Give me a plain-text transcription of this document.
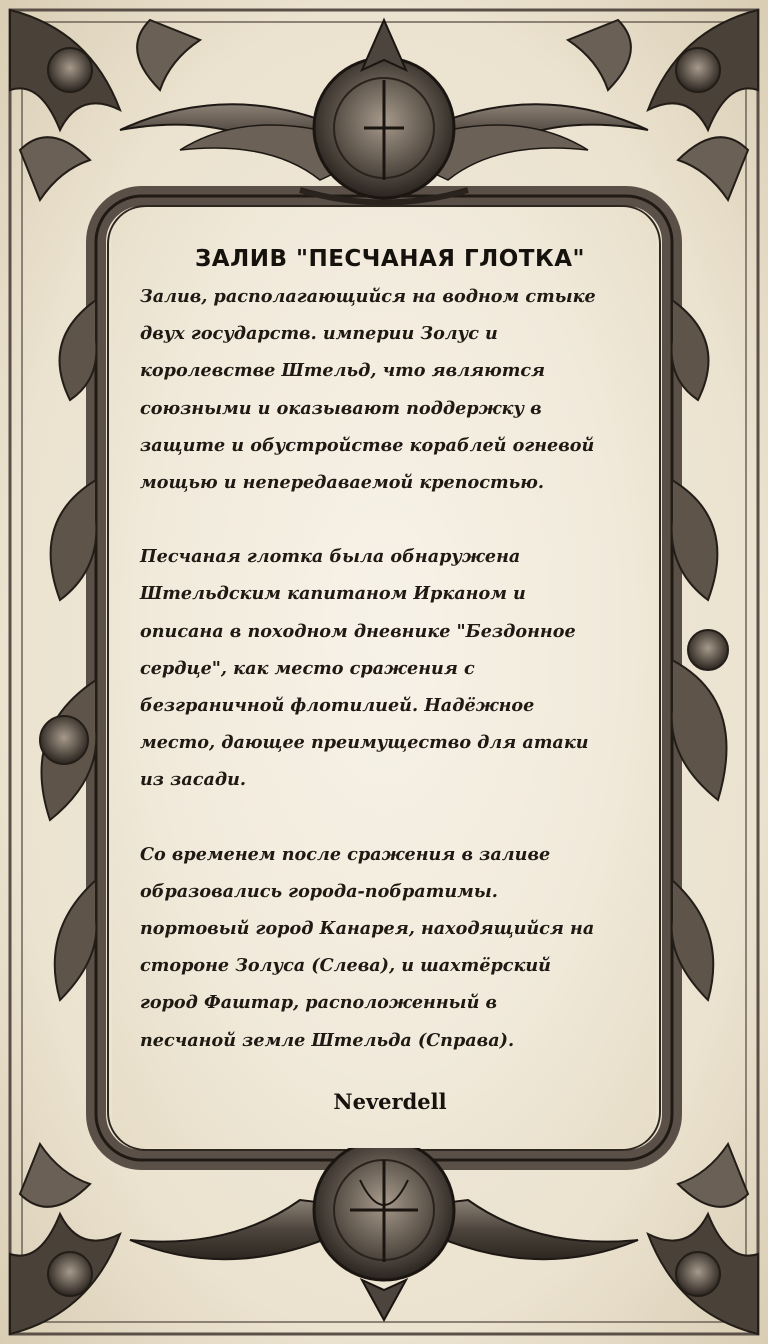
ЗАЛИВ "ПЕСЧАНАЯ ГЛОТКА"

Залив, располагающийся на водном стыке
двух государств. империи Золус и
королевстве Штельд, что являются
союзными и оказывают поддержку в
защите и обустройстве кораблей огневой
мощью и непередаваемой крепостью.

Песчаная глотка была обнаружена
Штельдским капитаном Ирканом и
описана в походном дневнике "Бездонное
сердце", как место сражения с
безграничной флотилией. Надёжное
место, дающее преимущество для атаки
из засади.

Со временем после сражения в заливе
образовались города-побратимы.
портовый город Канарея, находящийся на
стороне Золуса (Слева), и шахтёрский
город Фаштар, расположенный в
песчаной земле Штельда (Справа).

Neverdell
